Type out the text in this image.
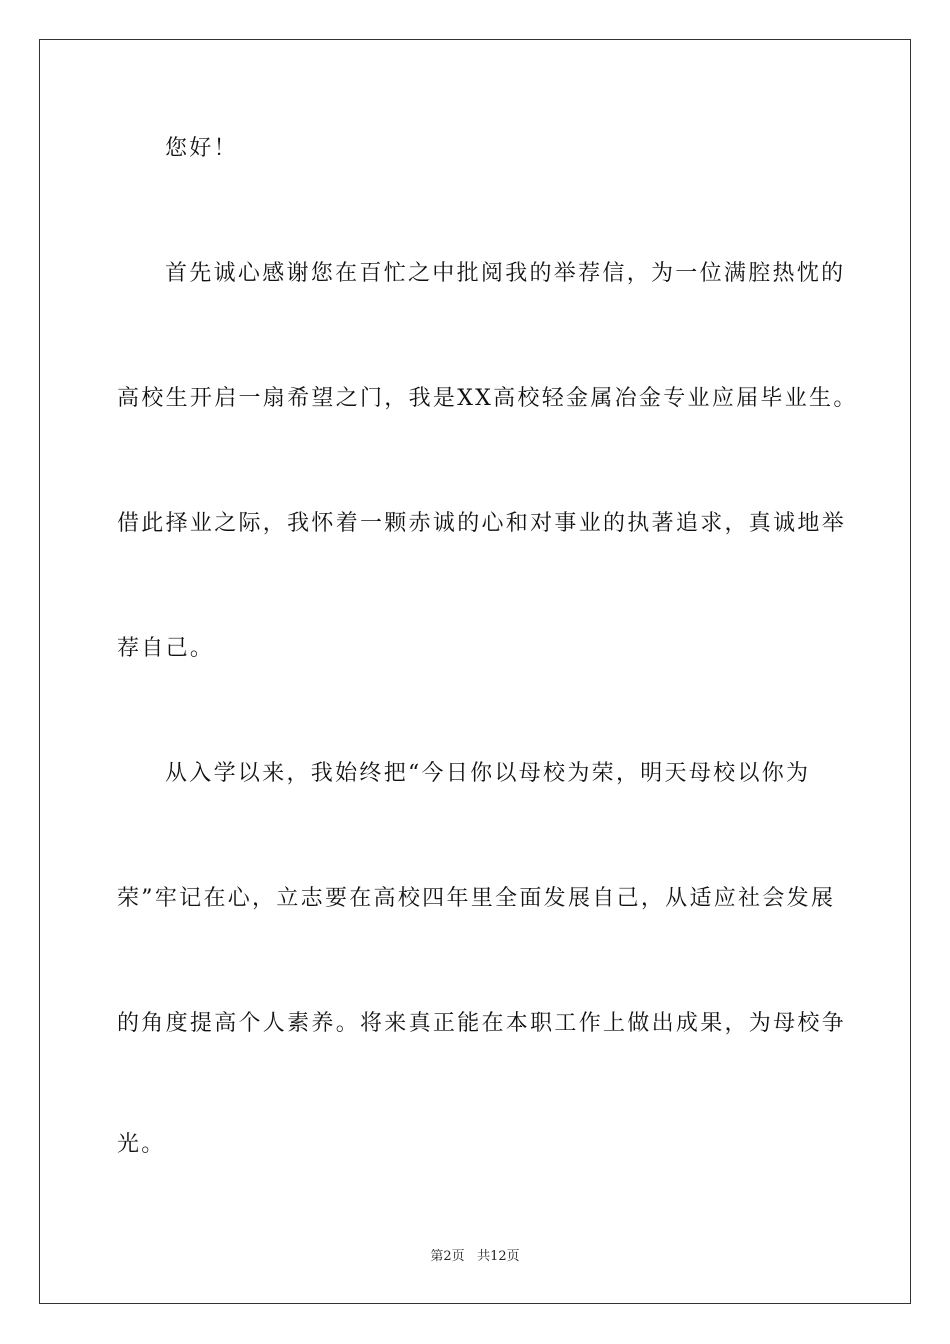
您好！
首先诚心感谢您在百忙之中批阅我的举荐信，为一位满腔热忱的
高校生开启一扇希望之门，我是XX高校轻金属冶金专业应届毕业生。
借此择业之际，我怀着一颗赤诚的心和对事业的执著追求，真诚地举
荐自己。
从入学以来，我始终把“今日你以母校为荣，明天母校以你为
荣”牢记在心，立志要在高校四年里全面发展自己，从适应社会发展
的角度提高个人素养。将来真正能在本职工作上做出成果，为母校争
光。
第2页 共12页
